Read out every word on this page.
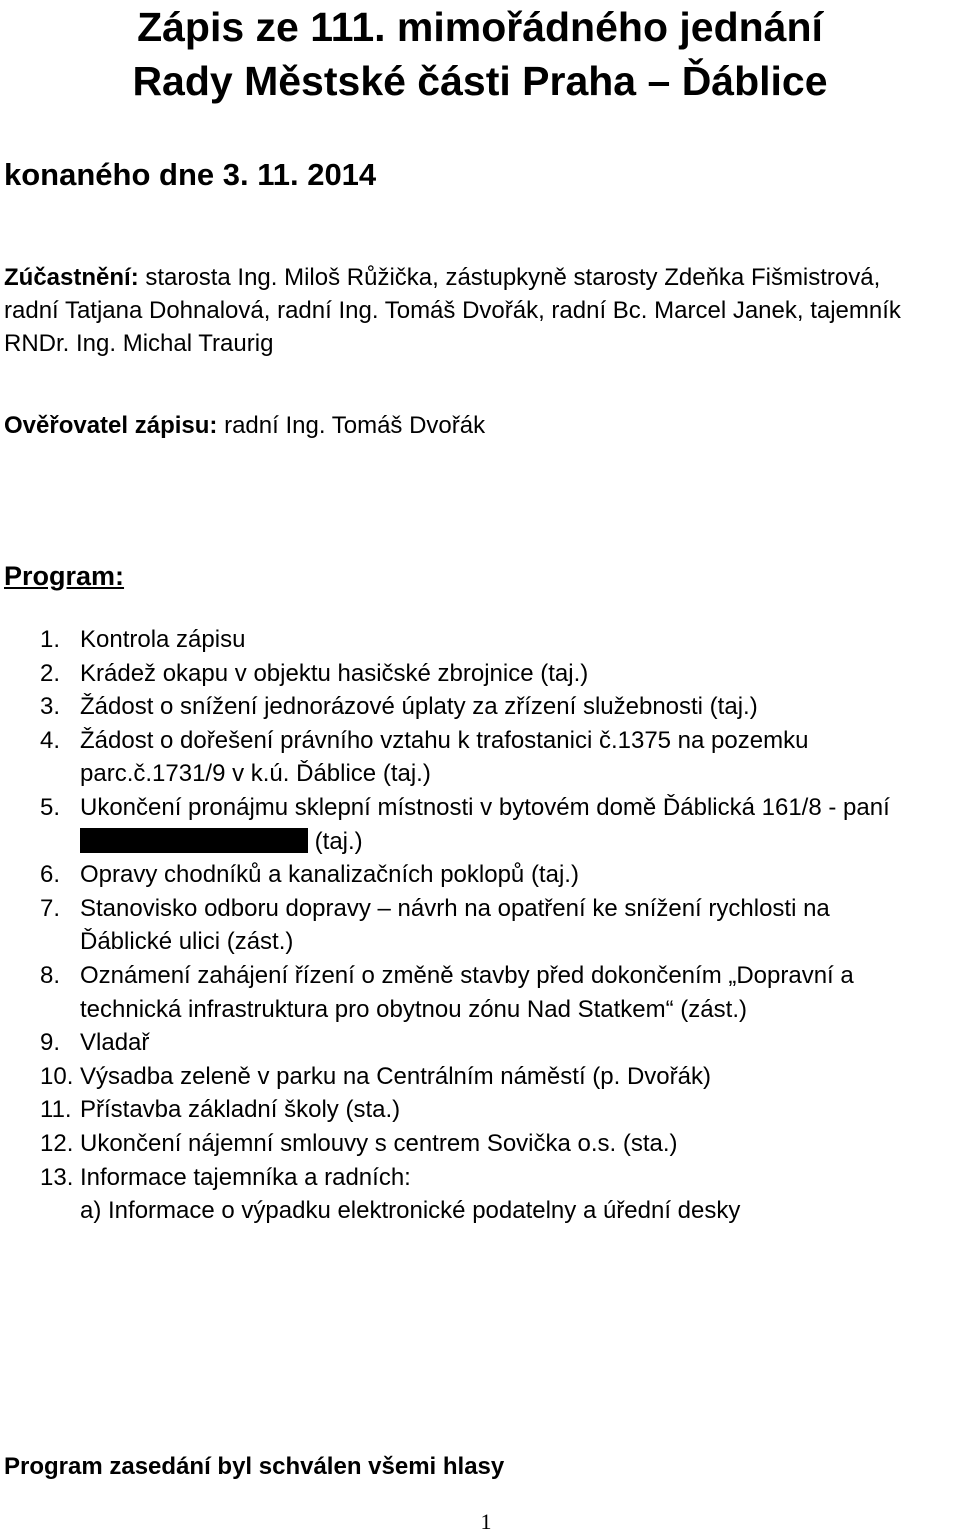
Zápis ze 111. mimořádného jednání
Rady Městské části Praha – Ďáblice
konaného dne 3. 11. 2014
Zúčastnění: starosta Ing. Miloš Růžička, zástupkyně starosty Zdeňka Fišmistrová,
radní Tatjana Dohnalová, radní Ing. Tomáš Dvořák, radní Bc. Marcel Janek, tajemník
RNDr. Ing. Michal Traurig
Ověřovatel zápisu: radní Ing. Tomáš Dvořák
Program:
1. Kontrola zápisu
2. Krádež okapu v objektu hasičské zbrojnice (taj.)
3. Žádost o snížení jednorázové úplaty za zřízení služebnosti (taj.)
4. Žádost o dořešení právního vztahu k trafostanici č.1375 na pozemku
parc.č.1731/9 v k.ú. Ďáblice (taj.)
5. Ukončení pronájmu sklepní místnosti v bytovém domě Ďáblická 161/8 - paní
(taj.)
6. Opravy chodníků a kanalizačních poklopů (taj.)
7. Stanovisko odboru dopravy – návrh na opatření ke snížení rychlosti na
Ďáblické ulici (zást.)
8. Oznámení zahájení řízení o změně stavby před dokončením „Dopravní a
technická infrastruktura pro obytnou zónu Nad Statkem“ (zást.)
9. Vladař
10. Výsadba zeleně v parku na Centrálním náměstí (p. Dvořák)
11. Přístavba základní školy (sta.)
12. Ukončení nájemní smlouvy s centrem Sovička o.s. (sta.)
13. Informace tajemníka a radních:
a) Informace o výpadku elektronické podatelny a úřední desky
Program zasedání byl schválen všemi hlasy
1
